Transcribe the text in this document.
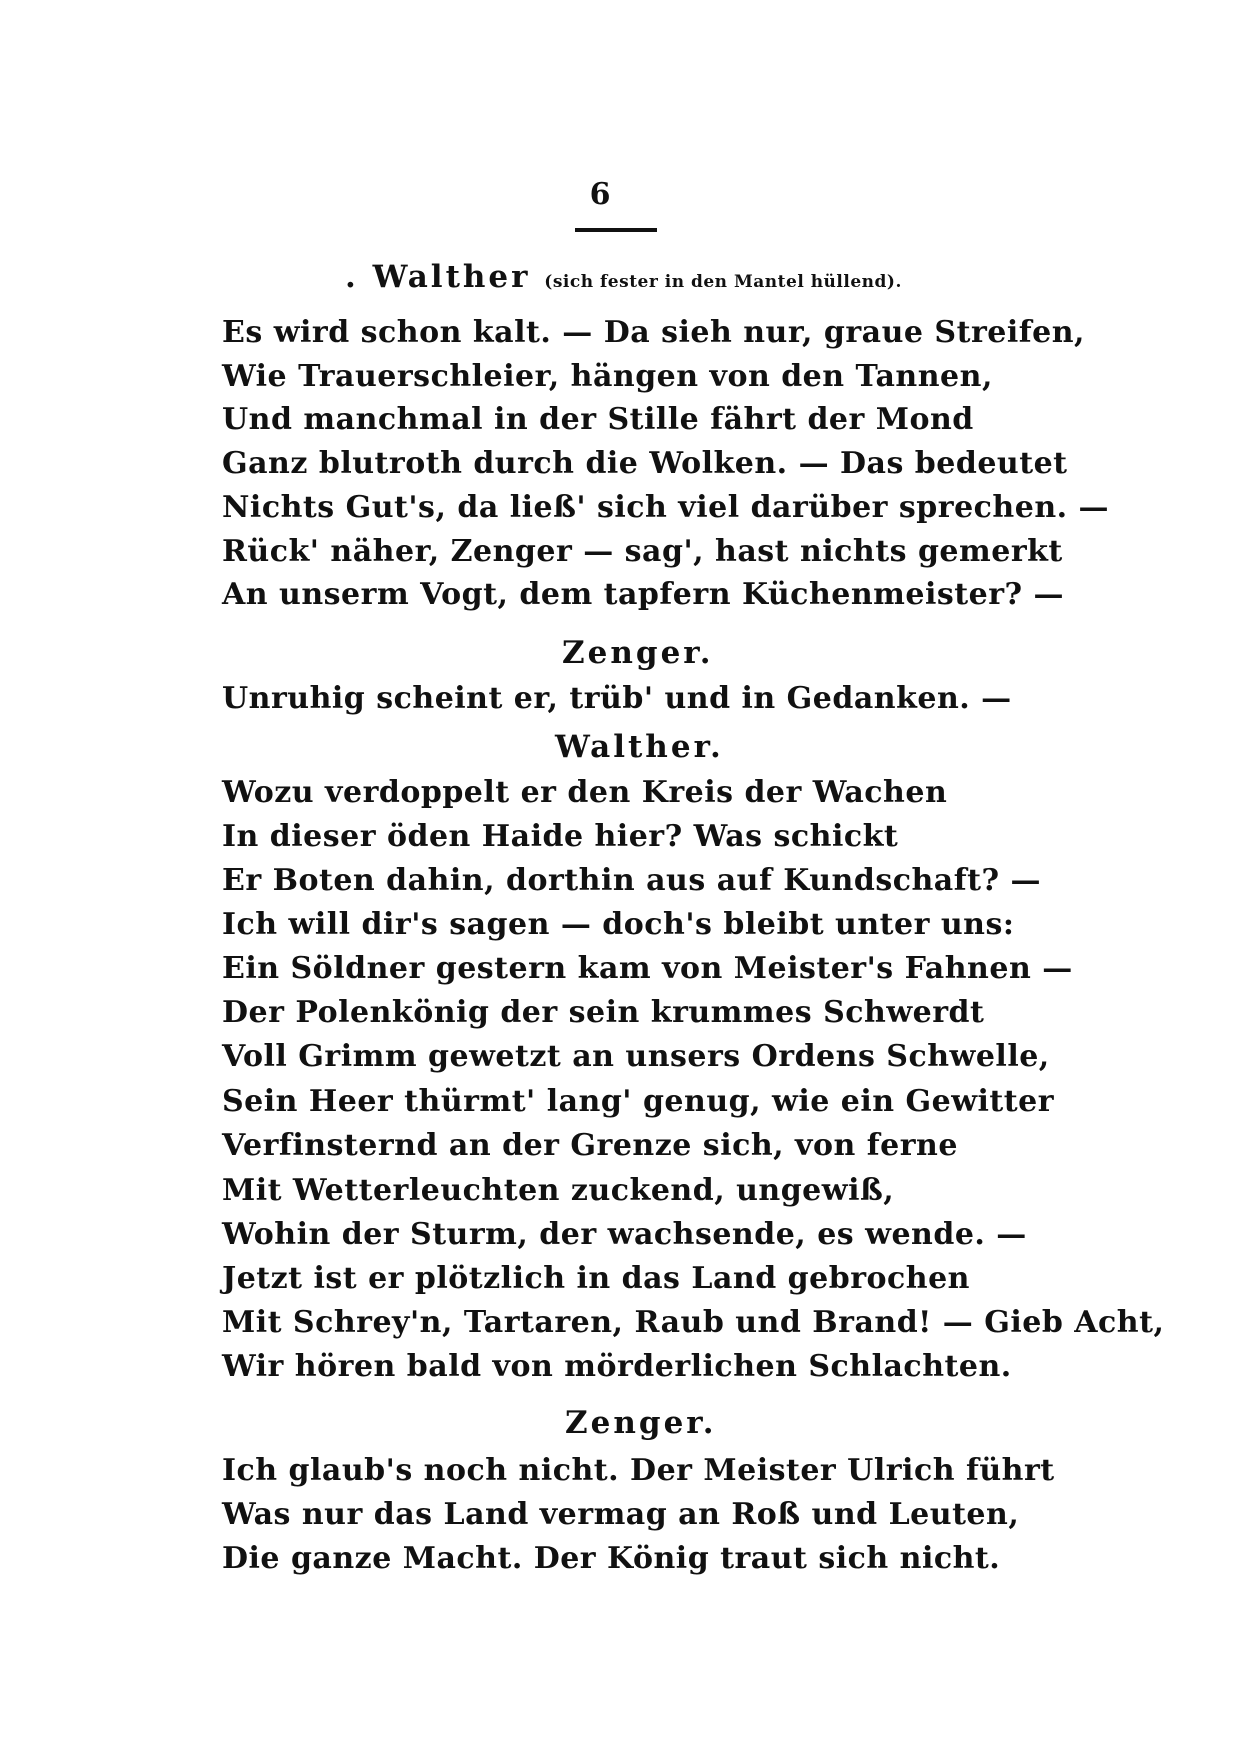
6
. Walther (sich fester in den Mantel hüllend).
Es wird schon kalt. — Da sieh nur, graue Streifen,
Wie Trauerschleier, hängen von den Tannen,
Und manchmal in der Stille fährt der Mond
Ganz blutroth durch die Wolken. — Das bedeutet
Nichts Gut's, da ließ' sich viel darüber sprechen. —
Rück' näher, Zenger — sag', hast nichts gemerkt
An unserm Vogt, dem tapfern Küchenmeister? —
Zenger.
Unruhig scheint er, trüb' und in Gedanken. —
Walther.
Wozu verdoppelt er den Kreis der Wachen
In dieser öden Haide hier? Was schickt
Er Boten dahin, dorthin aus auf Kundschaft? —
Ich will dir's sagen — doch's bleibt unter uns:
Ein Söldner gestern kam von Meister's Fahnen —
Der Polenkönig der sein krummes Schwerdt
Voll Grimm gewetzt an unsers Ordens Schwelle,
Sein Heer thürmt' lang' genug, wie ein Gewitter
Verfinsternd an der Grenze sich, von ferne
Mit Wetterleuchten zuckend, ungewiß,
Wohin der Sturm, der wachsende, es wende. —
Jetzt ist er plötzlich in das Land gebrochen
Mit Schrey'n, Tartaren, Raub und Brand! — Gieb Acht,
Wir hören bald von mörderlichen Schlachten.
Zenger.
Ich glaub's noch nicht. Der Meister Ulrich führt
Was nur das Land vermag an Roß und Leuten,
Die ganze Macht. Der König traut sich nicht.
